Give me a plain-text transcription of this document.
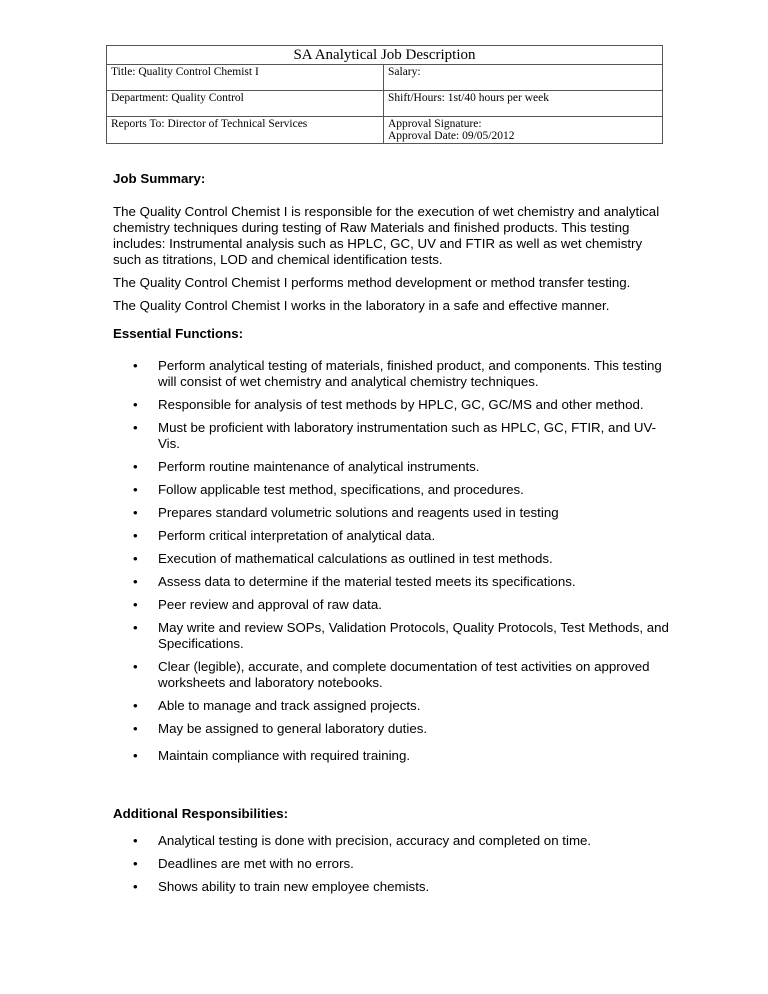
SA Analytical Job Description	
Title: Quality Control Chemist I	Salary:
Department: Quality Control	Shift/Hours: 1st/40 hours per week
Reports To: Director of Technical Services	Approval Signature:
Approval Date: 09/05/2012

Job Summary:

The Quality Control Chemist I is responsible for the execution of wet chemistry and analytical chemistry techniques during testing of Raw Materials and finished products. This testing includes: Instrumental analysis such as HPLC, GC, UV and FTIR as well as wet chemistry such as titrations, LOD and chemical identification tests.

The Quality Control Chemist I performs method development or method transfer testing.

The Quality Control Chemist I works in the laboratory in a safe and effective manner.

Essential Functions:

• Perform analytical testing of materials, finished product, and components. This testing will consist of wet chemistry and analytical chemistry techniques.
• Responsible for analysis of test methods by HPLC, GC, GC/MS and other method.
• Must be proficient with laboratory instrumentation such as HPLC, GC, FTIR, and UV-Vis.
• Perform routine maintenance of analytical instruments.
• Follow applicable test method, specifications, and procedures.
• Prepares standard volumetric solutions and reagents used in testing
• Perform critical interpretation of analytical data.
• Execution of mathematical calculations as outlined in test methods.
• Assess data to determine if the material tested meets its specifications.
• Peer review and approval of raw data.
• May write and review SOPs, Validation Protocols, Quality Protocols, Test Methods, and Specifications.
• Clear (legible), accurate, and complete documentation of test activities on approved worksheets and laboratory notebooks.
• Able to manage and track assigned projects.
• May be assigned to general laboratory duties.
• Maintain compliance with required training.

Additional Responsibilities:

• Analytical testing is done with precision, accuracy and completed on time.
• Deadlines are met with no errors.
• Shows ability to train new employee chemists.
